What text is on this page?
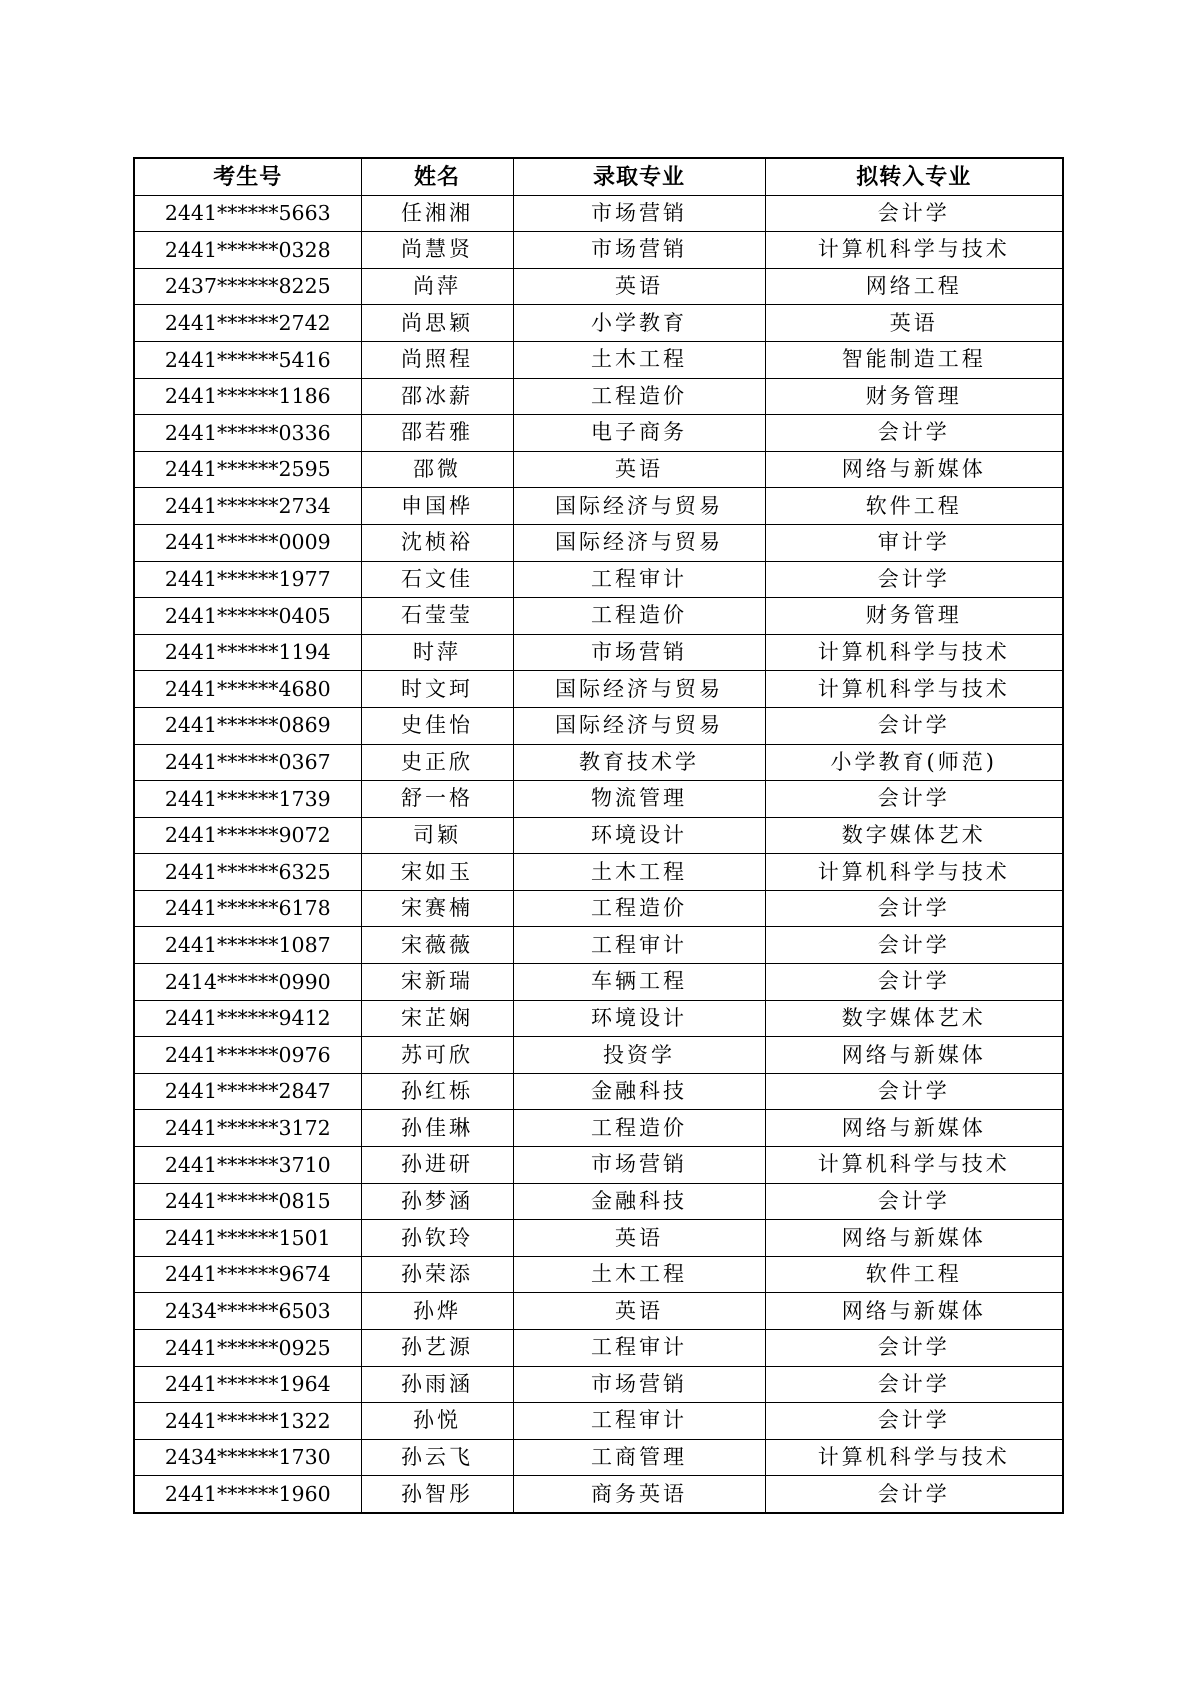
考生号	姓名	录取专业	拟转入专业
2441******5663	任湘湘	市场营销	会计学
2441******0328	尚慧贤	市场营销	计算机科学与技术
2437******8225	尚萍	英语	网络工程
2441******2742	尚思颖	小学教育	英语
2441******5416	尚照程	土木工程	智能制造工程
2441******1186	邵冰薪	工程造价	财务管理
2441******0336	邵若雅	电子商务	会计学
2441******2595	邵微	英语	网络与新媒体
2441******2734	申国桦	国际经济与贸易	软件工程
2441******0009	沈桢裕	国际经济与贸易	审计学
2441******1977	石文佳	工程审计	会计学
2441******0405	石莹莹	工程造价	财务管理
2441******1194	时萍	市场营销	计算机科学与技术
2441******4680	时文珂	国际经济与贸易	计算机科学与技术
2441******0869	史佳怡	国际经济与贸易	会计学
2441******0367	史正欣	教育技术学	小学教育(师范)
2441******1739	舒一格	物流管理	会计学
2441******9072	司颖	环境设计	数字媒体艺术
2441******6325	宋如玉	土木工程	计算机科学与技术
2441******6178	宋赛楠	工程造价	会计学
2441******1087	宋薇薇	工程审计	会计学
2414******0990	宋新瑞	车辆工程	会计学
2441******9412	宋芷娴	环境设计	数字媒体艺术
2441******0976	苏可欣	投资学	网络与新媒体
2441******2847	孙红栎	金融科技	会计学
2441******3172	孙佳琳	工程造价	网络与新媒体
2441******3710	孙进研	市场营销	计算机科学与技术
2441******0815	孙梦涵	金融科技	会计学
2441******1501	孙钦玲	英语	网络与新媒体
2441******9674	孙荣添	土木工程	软件工程
2434******6503	孙烨	英语	网络与新媒体
2441******0925	孙艺源	工程审计	会计学
2441******1964	孙雨涵	市场营销	会计学
2441******1322	孙悦	工程审计	会计学
2434******1730	孙云飞	工商管理	计算机科学与技术
2441******1960	孙智彤	商务英语	会计学
